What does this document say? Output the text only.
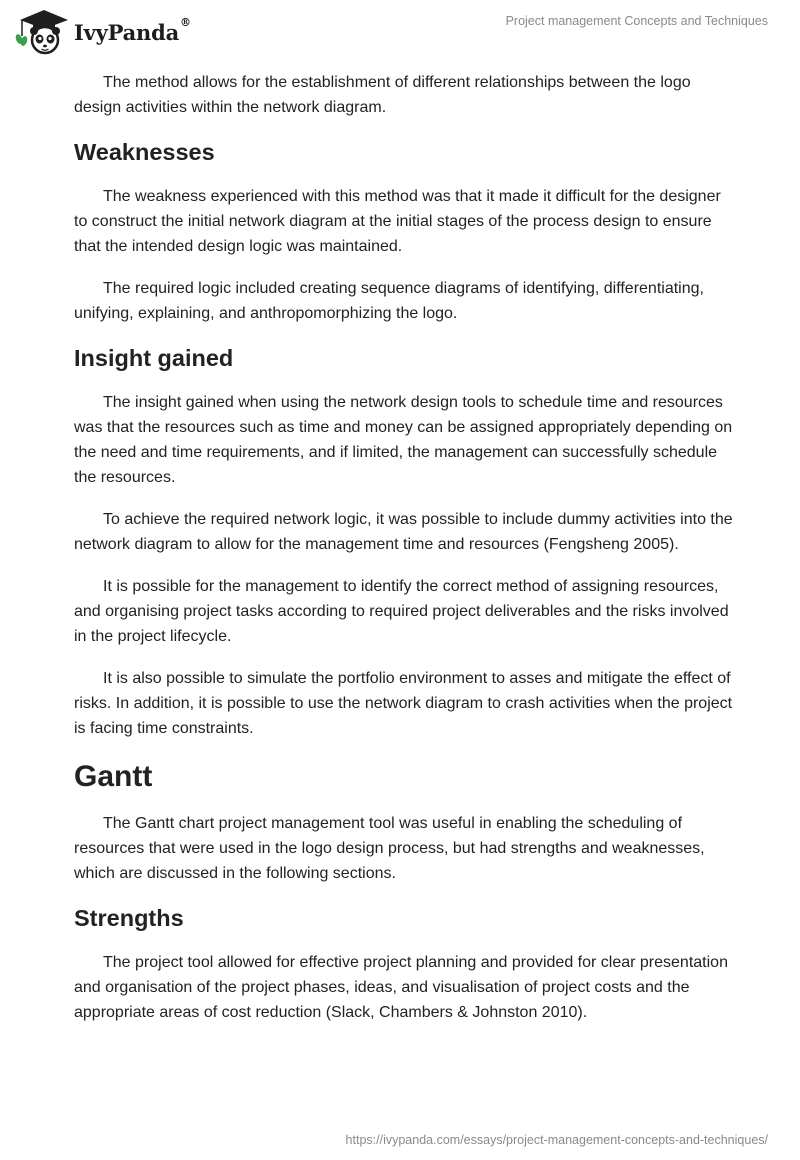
IvyPanda®	Project management Concepts and Techniques

The method allows for the establishment of different relationships between the logo design activities within the network diagram.

Weaknesses

The weakness experienced with this method was that it made it difficult for the designer to construct the initial network diagram at the initial stages of the process design to ensure that the intended design logic was maintained.

The required logic included creating sequence diagrams of identifying, differentiating, unifying, explaining, and anthropomorphizing the logo.

Insight gained

The insight gained when using the network design tools to schedule time and resources was that the resources such as time and money can be assigned appropriately depending on the need and time requirements, and if limited, the management can successfully schedule the resources.

To achieve the required network logic, it was possible to include dummy activities into the network diagram to allow for the management time and resources (Fengsheng 2005).

It is possible for the management to identify the correct method of assigning resources, and organising project tasks according to required project deliverables and the risks involved in the project lifecycle.

It is also possible to simulate the portfolio environment to asses and mitigate the effect of risks. In addition, it is possible to use the network diagram to crash activities when the project is facing time constraints.

Gantt

The Gantt chart project management tool was useful in enabling the scheduling of resources that were used in the logo design process, but had strengths and weaknesses, which are discussed in the following sections.

Strengths

The project tool allowed for effective project planning and provided for clear presentation and organisation of the project phases, ideas, and visualisation of project costs and the appropriate areas of cost reduction (Slack, Chambers & Johnston 2010).

https://ivypanda.com/essays/project-management-concepts-and-techniques/
